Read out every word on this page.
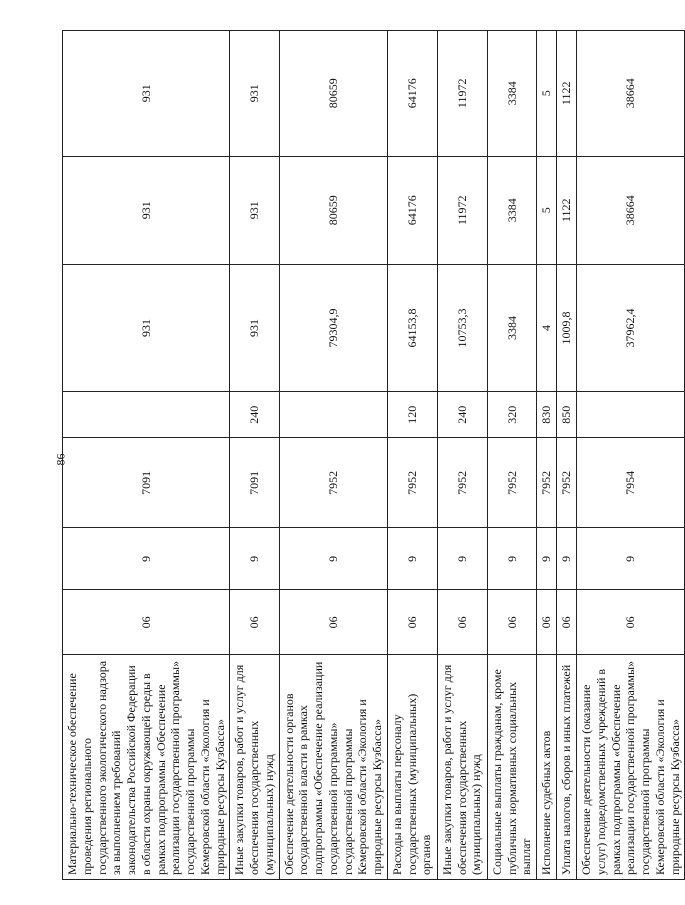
86
Материально-техническое обеспечение проведения регионального государственного экологического надзора за выполнением требований законодательства Российской Федерации в области охраны окружающей среды в рамках подпрограммы «Обеспечение реализации государственной программы» государственной программы Кемеровской области «Экология и природные ресурсы Кузбасса»	06	9	7091		931	931	931
Иные закупки товаров, работ и услуг для обеспечения государственных (муниципальных) нужд	06	9	7091	240	931	931	931
Обеспечение деятельности органов государственной власти в рамках подпрограммы «Обеспечение реализации государственной программы» государственной программы Кемеровской области «Экология и природные ресурсы Кузбасса»	06	9	7952		79304,9	80659	80659
Расходы на выплаты персоналу государственных (муниципальных) органов	06	9	7952	120	64153,8	64176	64176
Иные закупки товаров, работ и услуг для обеспечения государственных (муниципальных) нужд	06	9	7952	240	10753,3	11972	11972
Социальные выплаты гражданам, кроме публичных нормативных социальных выплат	06	9	7952	320	3384	3384	3384
Исполнение судебных актов	06	9	7952	830	4	5	5
Уплата налогов, сборов и иных платежей	06	9	7952	850	1009,8	1122	1122
Обеспечение деятельности (оказание услуг) подведомственных учреждений в рамках подпрограммы «Обеспечение реализации государственной программы» государственной программы Кемеровской области «Экология и природные ресурсы Кузбасса»	06	9	7954		37962,4	38664	38664
